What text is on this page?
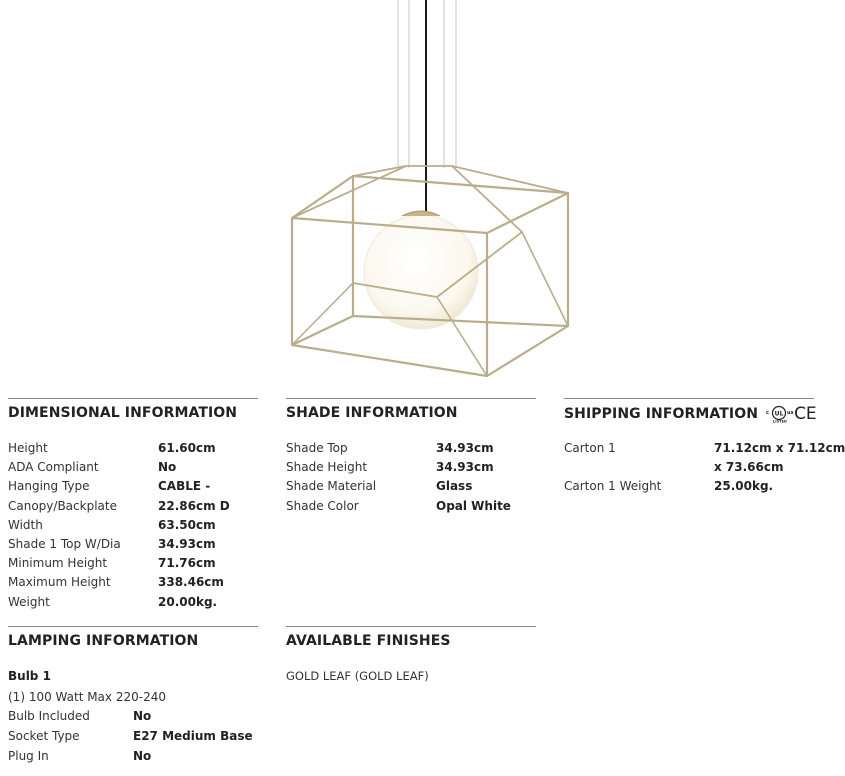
DIMENSIONAL INFORMATION
Height	61.60cm
ADA Compliant	No
Hanging Type	CABLE -
Canopy/Backplate	22.86cm D
Width	63.50cm
Shade 1 Top W/Dia	34.93cm
Minimum Height	71.76cm
Maximum Height	338.46cm
Weight	20.00kg.
SHADE INFORMATION
Shade Top	34.93cm
Shade Height	34.93cm
Shade Material	Glass
Shade Color	Opal White
SHIPPING INFORMATION c UL us
LISTED CE
Carton 1	71.12cm x 71.12cm
x 73.66cm
Carton 1 Weight	25.00kg.
LAMPING INFORMATION
Bulb 1
(1) 100 Watt Max 220-240
Bulb Included	No
Socket Type	E27 Medium Base
Plug In	No
AVAILABLE FINISHES
GOLD LEAF (GOLD LEAF)
